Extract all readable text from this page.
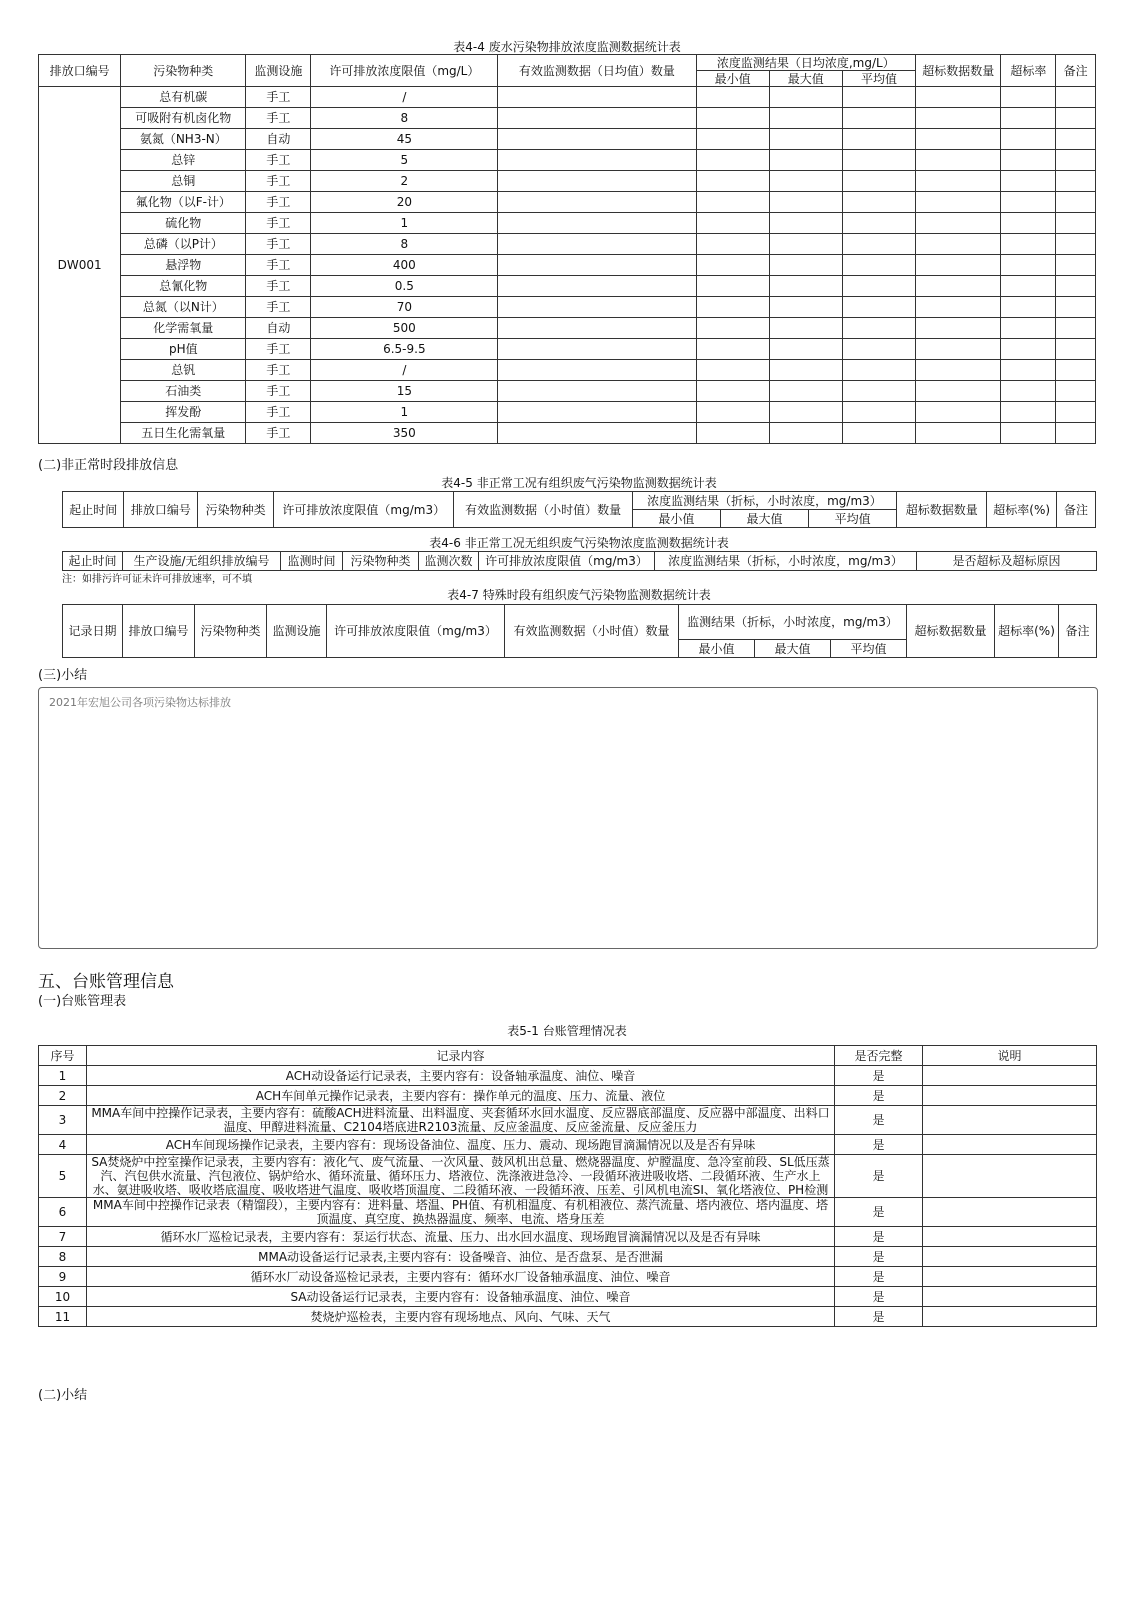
表4-4 废水污染物排放浓度监测数据统计表
排放口编号	污染物种类	监测设施	许可排放浓度限值（mg/L）	有效监测数据（日均值）数量	浓度监测结果（日均浓度,mg/L）			超标数据数量	超标率	备注
					最小值	最大值	平均值			
DW001	总有机碳	手工	/							
	可吸附有机卤化物	手工	8							
	氨氮（NH3-N）	自动	45							
	总锌	手工	5							
	总铜	手工	2							
	氟化物（以F-计）	手工	20							
	硫化物	手工	1							
	总磷（以P计）	手工	8							
	悬浮物	手工	400							
	总氰化物	手工	0.5							
	总氮（以N计）	手工	70							
	化学需氧量	自动	500							
	pH值	手工	6.5-9.5							
	总钒	手工	/							
	石油类	手工	15							
	挥发酚	手工	1							
	五日生化需氧量	手工	350							
(二)非正常时段排放信息
表4-5 非正常工况有组织废气污染物监测数据统计表
起止时间	排放口编号	污染物种类	许可排放浓度限值（mg/m3）	有效监测数据（小时值）数量	浓度监测结果（折标，小时浓度，mg/m3）			超标数据数量	超标率(%)	备注
					最小值	最大值	平均值			
表4-6 非正常工况无组织废气污染物浓度监测数据统计表
起止时间	生产设施/无组织排放编号	监测时间	污染物种类	监测次数	许可排放浓度限值（mg/m3）	浓度监测结果（折标，小时浓度，mg/m3）	是否超标及超标原因
注：如排污许可证未许可排放速率，可不填
表4-7 特殊时段有组织废气污染物监测数据统计表
记录日期	排放口编号	污染物种类	监测设施	许可排放浓度限值（mg/m3）	有效监测数据（小时值）数量	监测结果（折标，小时浓度，mg/m3）			超标数据数量	超标率(%)	备注
						最小值	最大值	平均值			
(三)小结
2021年宏旭公司各项污染物达标排放
五、台账管理信息
(一)台账管理表
表5-1 台账管理情况表
序号	记录内容	是否完整	说明
1	ACH动设备运行记录表，主要内容有：设备轴承温度、油位、噪音	是	
2	ACH车间单元操作记录表，主要内容有：操作单元的温度、压力、流量、液位	是	
3	MMA车间中控操作记录表，主要内容有：硫酸ACH进料流量、出料温度、夹套循环水回水温度、反应器底部温度、反应器中部温度、出料口温度、甲醇进料流量、C2104塔底进R2103流量、反应釜温度、反应釜流量、反应釜压力	是	
4	ACH车间现场操作记录表，主要内容有：现场设备油位、温度、压力、震动、现场跑冒滴漏情况以及是否有异味	是	
5	SA焚烧炉中控室操作记录表，主要内容有：液化气、废气流量、一次风量、鼓风机出总量、燃烧器温度、炉膛温度、急冷室前段、SL低压蒸汽、汽包供水流量、汽包液位、锅炉给水、循环流量、循环压力、塔液位、洗涤液进急冷、一段循环液进吸收塔、二段循环液、生产水上水、氨进吸收塔、吸收塔底温度、吸收塔进气温度、吸收塔顶温度、二段循环液、一段循环液、压差、引风机电流SI、氧化塔液位、PH检测	是	
6	MMA车间中控操作记录表（精馏段），主要内容有：进料量、塔温、PH值、有机相温度、有机相液位、蒸汽流量、塔内液位、塔内温度、塔顶温度、真空度、换热器温度、频率、电流、塔身压差	是	
7	循环水厂巡检记录表，主要内容有：泵运行状态、流量、压力、出水回水温度、现场跑冒滴漏情况以及是否有异味	是	
8	MMA动设备运行记录表,主要内容有：设备噪音、油位、是否盘泵、是否泄漏	是	
9	循环水厂动设备巡检记录表，主要内容有：循环水厂设备轴承温度、油位、噪音	是	
10	SA动设备运行记录表，主要内容有：设备轴承温度、油位、噪音	是	
11	焚烧炉巡检表，主要内容有现场地点、风向、气味、天气	是	
(二)小结
